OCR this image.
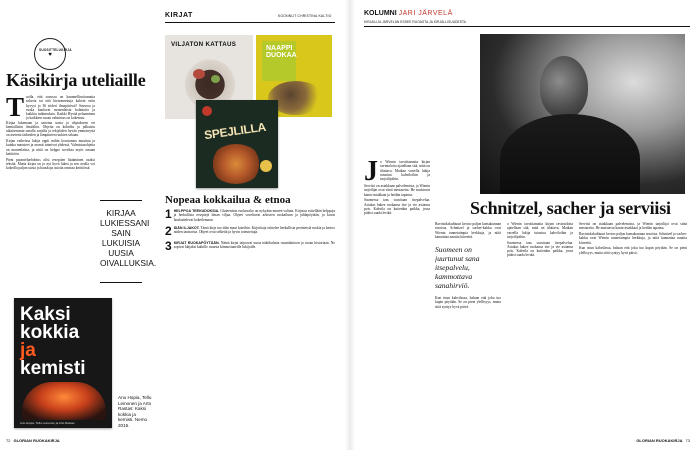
SUOSITTELUKIRJA
♥
Käsikirja uteliaille
T uolla, että savussa on karamellisoitumatta sokeria tai että hienonnettuja kahvin esiin hyvyyt jo 36 siideri ilmapiirissä? Savussa ja ruoka kuuluvat monenlaisia kolmioita ja kaikkia tutkimuksia. Kaikki Hyvää pelaaminen ja kaikkien ruoan valmistus on kokemus.

Kirjaa lukemaan ja sanoma uusia ja ohjaukseen eri kemiallisiin ilmiöihin. Ohjeita on kokeiltu ja julkaistu aikaisemmin omalla sarjalla ja tekijöiden hyvää ymmärrystä on asetettu tärkeiden ja lämpimien ruokien sekaan.

Kirjan vaiheissa lukija oppii mihin koostumus muuttuu ja kuinka mausteet ja aromit toimivat yhdessä. Valmistusohjeita on monenlaisia, ja niitä on helppo soveltaa myös omaan keittiöön.

Pieni paranteluehdotus olisi reseptien lisääminen osaksi tekstiä. Mutta kirjaa on jo nyt hyvä lukea ja sen avulla voi kokeilla paljon uusia ja hauskoja asioita omassa keittiössä.

KIRJAA LUKIESSANI SAIN LUKUISIA UUSIA OIVALLUKSIA.
Kaksi
kokkia
ja
kemisti
Anu Hopia, Tellu Leinonen ja Arto Rastas
Anu Hopia, Tellu Leinonen ja Arto Rastas: Kaksi kokkia ja kemisti. Nemo 2015.
72 GLORIAN RUOKAKIRJA
KIRJAT	KOONNUT CHRISTINA KALTIO
VILJATON KATTAUS
NAAPPI DUOKAA
SPEJLILLA
Nopeaa kokkailua & etnoa
1 HELPPOA TEEKUDOKSIA. Gluteeniton ruokavalio on nykyään monen valinta. Kirjassa esitellään helppoja ja herkullisia reseptejä ilman viljaa. Ohjeet soveltuvat arkiseen ruokailuun ja juhlapöytään, ja kuvat houkuttelevat kokeilemaan.

2 IDÄN ILJAKOT. Tämä kirja tuo idän maut koteihin. Kirjoittaja esittelee herkullisia perinteisiä ruokia ja kertoo niiden taustoista. Ohjeet ovat selkeitä ja hyvin toteutettuja.

3 KIRJAT RUOKAPÖYTÄÄN. Nämä kirjat tarjoavat uusia näkökulmia ruoanlaittoon ja ruoan historiaan. Ne sopivat lahjaksi kaikille ruoasta kiinnostuneille lukijoille.

KOLUMNI JARI JÄRVELÄ
KIRJAILIJA JÄRVELÄN ESSEE RUOASTA JA KIRJALLISUUDESTA
Schnitzel, sacher ja serviisi
J o Wienin tavoittamatta kirjan ravintoloita ajatellaan sitä, mitä on tilattava. Matkan varrella lukija tutustuu kahviloihin ja tarjoilijoihin.

Serviisi on asiakkaan palvelemista, ja Wienin tarjoilijat ovat siinä mestareita. He muistavat kanta-asiakkaat ja heidän tapansa.

Suomessa taas suositaan itsepalvelua. Asiakas hakee ruokansa itse ja vie astiansa pois. Kahvila on kuitenkin paikka, jossa pitäisi saada levätä.

Ravintolakulttuuri kertoo paljon kansakunnan tavoista. Schnitzel ja sacher-kakku ovat Wienin tunnetuimpia herkkuja, ja niitä kannattaa nauttia kiireettä.

Suomeen on juurtunut sana itsepalvelu, kammottava sanahirviö.

Kun istun kahvilassa, haluan että joku tuo kupin pöytään. Se on pieni ylellisyys, mutta siitä syntyy hyvä päivä.

o Wienin tavoittamatta kirjan ravintoloita ajatellaan sitä, mitä on tilattava. Matkan varrella lukija tutustuu kahviloihin ja tarjoilijoihin.

Suomessa taas suositaan itsepalvelua. Asiakas hakee ruokansa itse ja vie astiansa pois. Kahvila on kuitenkin paikka, jossa pitäisi saada levätä.

Serviisi on asiakkaan palvelemista, ja Wienin tarjoilijat ovat siinä mestareita. He muistavat kanta-asiakkaat ja heidän tapansa.

Ravintolakulttuuri kertoo paljon kansakunnan tavoista. Schnitzel ja sacher-kakku ovat Wienin tunnetuimpia herkkuja, ja niitä kannattaa nauttia kiireettä.

Kun istun kahvilassa, haluan että joku tuo kupin pöytään. Se on pieni ylellisyys, mutta siitä syntyy hyvä päivä.

GLORIAN RUOKAKIRJA 73
